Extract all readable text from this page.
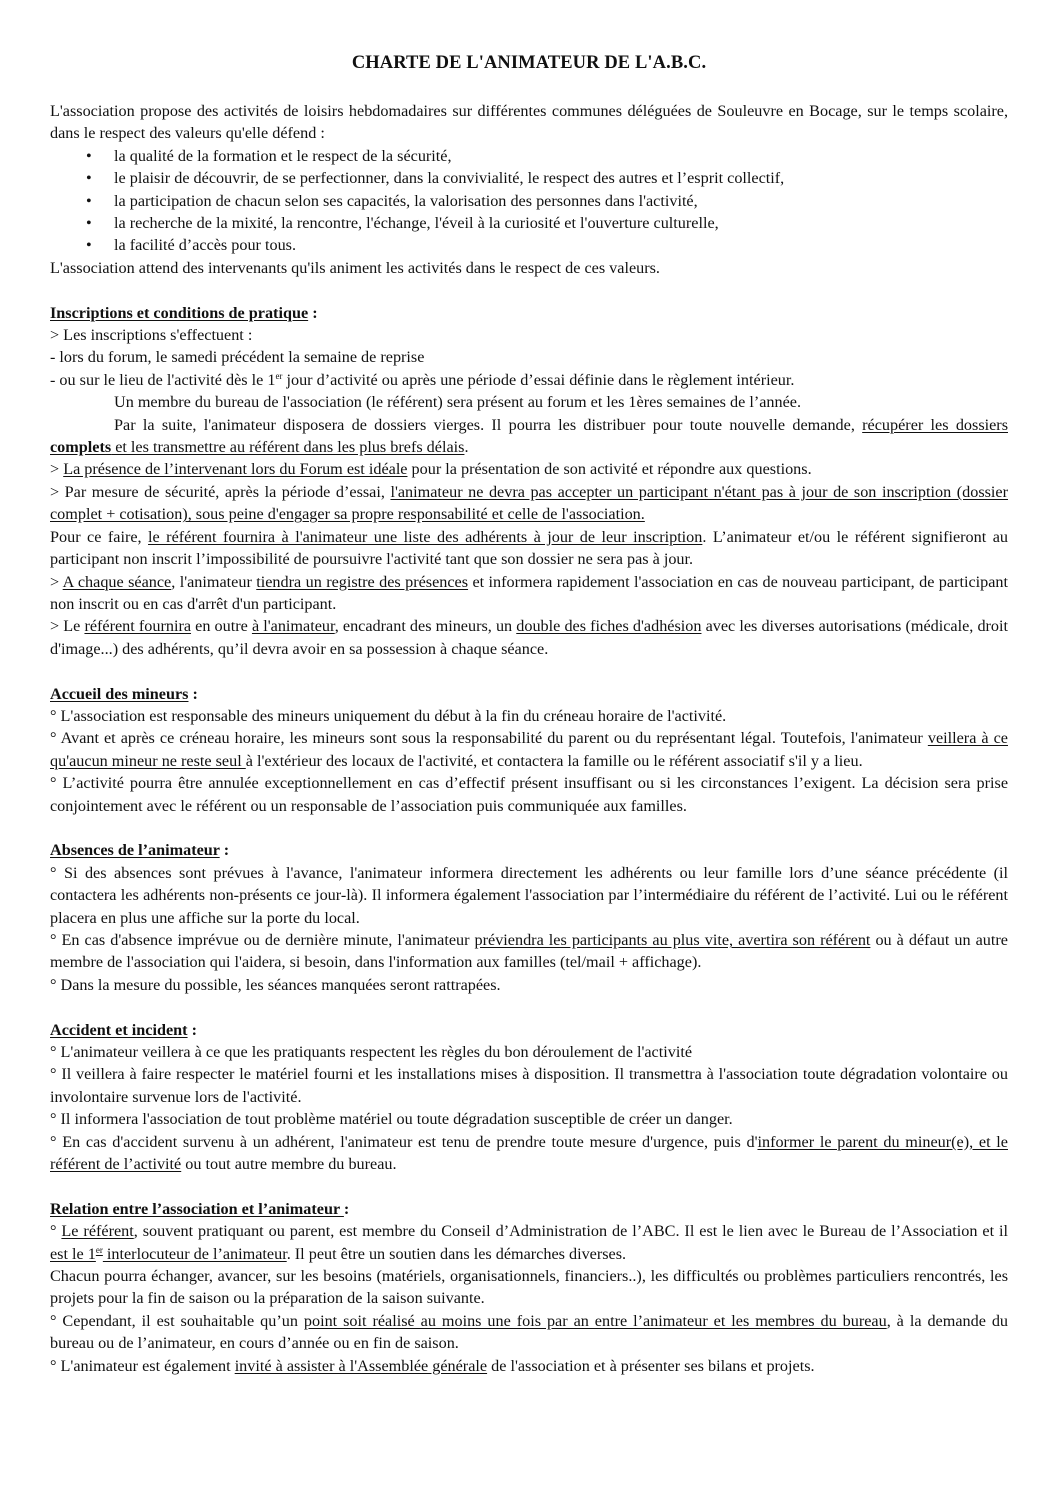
CHARTE DE L'ANIMATEUR DE L'A.B.C.

L'association propose des activités de loisirs hebdomadaires sur différentes communes déléguées de Souleuvre en Bocage, sur le temps scolaire, dans le respect des valeurs qu'elle défend :

• la qualité de la formation et le respect de la sécurité,
• le plaisir de découvrir, de se perfectionner, dans la convivialité, le respect des autres et l’esprit collectif,
• la participation de chacun selon ses capacités, la valorisation des personnes dans l'activité,
• la recherche de la mixité, la rencontre, l'échange, l'éveil à la curiosité et l'ouverture culturelle,
• la facilité d’accès pour tous.

L'association attend des intervenants qu'ils animent les activités dans le respect de ces valeurs.

Inscriptions et conditions de pratique :

> Les inscriptions s'effectuent :

- lors du forum, le samedi précédent la semaine de reprise

- ou sur le lieu de l'activité dès le 1er jour d’activité ou après une période d’essai définie dans le règlement intérieur.

Un membre du bureau de l'association (le référent) sera présent au forum et les 1ères semaines de l’année.

Par la suite, l'animateur disposera de dossiers vierges. Il pourra les distribuer pour toute nouvelle demande, récupérer les dossiers complets et les transmettre au référent dans les plus brefs délais.

> La présence de l’intervenant lors du Forum est idéale pour la présentation de son activité et répondre aux questions.

> Par mesure de sécurité, après la période d’essai, l'animateur ne devra pas accepter un participant n'étant pas à jour de son inscription (dossier complet + cotisation), sous peine d'engager sa propre responsabilité et celle de l'association.

Pour ce faire, le référent fournira à l'animateur une liste des adhérents à jour de leur inscription. L’animateur et/ou le référent signifieront au participant non inscrit l’impossibilité de poursuivre l'activité tant que son dossier ne sera pas à jour.

> A chaque séance, l'animateur tiendra un registre des présences et informera rapidement l'association en cas de nouveau participant, de participant non inscrit ou en cas d'arrêt d'un participant.

> Le référent fournira en outre à l'animateur, encadrant des mineurs, un double des fiches d'adhésion avec les diverses autorisations (médicale, droit d'image...) des adhérents, qu’il devra avoir en sa possession à chaque séance.

Accueil des mineurs :

° L'association est responsable des mineurs uniquement du début à la fin du créneau horaire de l'activité.

° Avant et après ce créneau horaire, les mineurs sont sous la responsabilité du parent ou du représentant légal. Toutefois, l'animateur veillera à ce qu'aucun mineur ne reste seul à l'extérieur des locaux de l'activité, et contactera la famille ou le référent associatif s'il y a lieu.

° L’activité pourra être annulée exceptionnellement en cas d’effectif présent insuffisant ou si les circonstances l’exigent. La décision sera prise conjointement avec le référent ou un responsable de l’association puis communiquée aux familles.

Absences de l’animateur :

° Si des absences sont prévues à l'avance, l'animateur informera directement les adhérents ou leur famille lors d’une séance précédente (il contactera les adhérents non-présents ce jour-là). Il informera également l'association par l’intermédiaire du référent de l’activité. Lui ou le référent placera en plus une affiche sur la porte du local.

° En cas d'absence imprévue ou de dernière minute, l'animateur préviendra les participants au plus vite, avertira son référent ou à défaut un autre membre de l'association qui l'aidera, si besoin, dans l'information aux familles (tel/mail + affichage).

° Dans la mesure du possible, les séances manquées seront rattrapées.

Accident et incident :

° L'animateur veillera à ce que les pratiquants respectent les règles du bon déroulement de l'activité

° Il veillera à faire respecter le matériel fourni et les installations mises à disposition. Il transmettra à l'association toute dégradation volontaire ou involontaire survenue lors de l'activité.

° Il informera l'association de tout problème matériel ou toute dégradation susceptible de créer un danger.

° En cas d'accident survenu à un adhérent, l'animateur est tenu de prendre toute mesure d'urgence, puis d'informer le parent du mineur(e), et le référent de l’activité ou tout autre membre du bureau.

Relation entre l’association et l’animateur :

° Le référent, souvent pratiquant ou parent, est membre du Conseil d’Administration de l’ABC. Il est le lien avec le Bureau de l’Association et il est le 1er interlocuteur de l’animateur. Il peut être un soutien dans les démarches diverses.

Chacun pourra échanger, avancer, sur les besoins (matériels, organisationnels, financiers..), les difficultés ou problèmes particuliers rencontrés, les projets pour la fin de saison ou la préparation de la saison suivante.

° Cependant, il est souhaitable qu’un point soit réalisé au moins une fois par an entre l’animateur et les membres du bureau, à la demande du bureau ou de l’animateur, en cours d’année ou en fin de saison.

° L'animateur est également invité à assister à l'Assemblée générale de l'association et à présenter ses bilans et projets.
